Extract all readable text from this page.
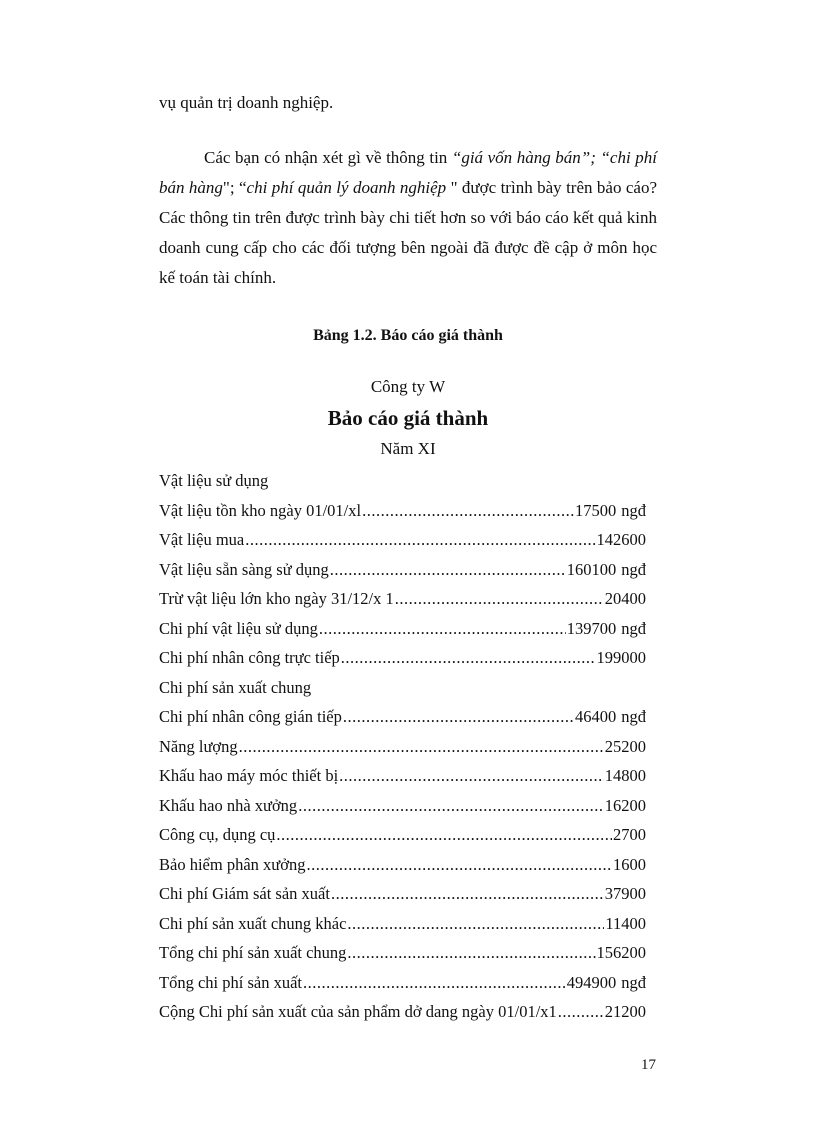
vụ quản trị doanh nghiệp.

Các bạn có nhận xét gì về thông tin “giá vốn hàng bán”; “chi phí bán hàng"; “chi phí quản lý doanh nghiệp " được trình bày trên bảo cáo? Các thông tin trên được trình bày chi tiết hơn so với báo cáo kết quả kinh doanh cung cấp cho các đối tượng bên ngoài đã được đề cập ở môn học kế toán tài chính.

Bảng 1.2. Báo cáo giá thành
Công ty W
Bảo cáo giá thành
Năm XI
Vật liệu sử dụng
Vật liệu tồn kho ngày 01/01/xl .....	17500 ngđ
Vật liệu mua .....	142600
Vật liệu sẵn sàng sử dụng .....	160100 ngđ
Trừ vật liệu lớn kho ngày 31/12/x 1 .....	20400
Chi phí vật liệu sử dụng .....	139700 ngđ
Chi phí nhân công trực tiếp .....	199000
Chi phí sản xuất chung
Chi phí nhân công gián tiếp .....	46400 ngđ
Năng lượng .....	25200
Khấu hao máy móc thiết bị .....	14800
Khấu hao nhà xưởng .....	16200
Công cụ, dụng cụ .....	2700
Bảo hiểm phân xưởng .....	1600
Chi phí Giám sát sản xuất .....	37900
Chi phí sản xuất chung khác .....	11400
Tổng chi phí sản xuất chung .....	156200
Tổng chi phí sản xuất .....	494900 ngđ
Cộng Chi phí sản xuất của sản phẩm dở dang ngày 01/01/x1 .....	21200
17
